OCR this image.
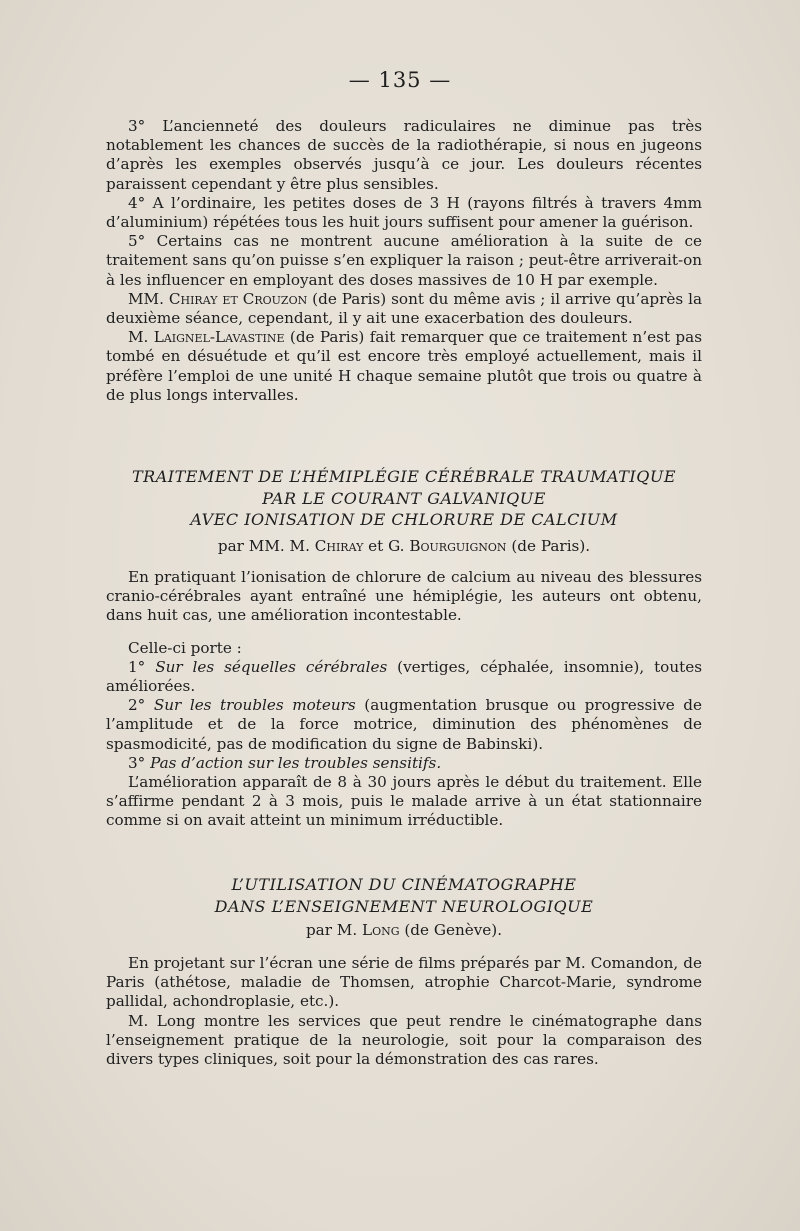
— 135 —

3° L’ancienneté des douleurs radiculaires ne diminue pas très notablement les chances de succès de la radiothérapie, si nous en jugeons d’après les exemples observés jusqu’à ce jour. Les douleurs récentes paraissent cependant y être plus sensibles.

4° A l’ordinaire, les petites doses de 3 H (rayons filtrés à travers 4mm d’aluminium) répétées tous les huit jours suffisent pour amener la guérison.

5° Certains cas ne montrent aucune amélioration à la suite de ce traitement sans qu’on puisse s’en expliquer la raison ; peut-être arriverait-on à les influencer en employant des doses massives de 10 H par exemple.

MM. Chiray et Crouzon (de Paris) sont du même avis ; il arrive qu’après la deuxième séance, cependant, il y ait une exacerbation des douleurs.

M. Laignel-Lavastine (de Paris) fait remarquer que ce traitement n’est pas tombé en désuétude et qu’il est encore très employé actuellement, mais il préfère l’emploi de une unité H chaque semaine plutôt que trois ou quatre à de plus longs intervalles.

TRAITEMENT DE L’HÉMIPLÉGIE CÉRÉBRALE TRAUMATIQUE
PAR LE COURANT GALVANIQUE
AVEC IONISATION DE CHLORURE DE CALCIUM
par MM. M. Chiray et G. Bourguignon (de Paris).

En pratiquant l’ionisation de chlorure de calcium au niveau des blessures cranio-cérébrales ayant entraîné une hémiplégie, les auteurs ont obtenu, dans huit cas, une amélioration incontestable.

Celle-ci porte :

1° Sur les séquelles cérébrales (vertiges, céphalée, insomnie), toutes améliorées.

2° Sur les troubles moteurs (augmentation brusque ou progressive de l’amplitude et de la force motrice, diminution des phénomènes de spasmodicité, pas de modification du signe de Babinski).

3° Pas d’action sur les troubles sensitifs.

L’amélioration apparaît de 8 à 30 jours après le début du traitement. Elle s’affirme pendant 2 à 3 mois, puis le malade arrive à un état stationnaire comme si on avait atteint un minimum irréductible.

L’UTILISATION DU CINÉMATOGRAPHE
DANS L’ENSEIGNEMENT NEUROLOGIQUE
par M. Long (de Genève).

En projetant sur l’écran une série de films préparés par M. Comandon, de Paris (athétose, maladie de Thomsen, atrophie Charcot-Marie, syndrome pallidal, achondroplasie, etc.).

M. Long montre les services que peut rendre le cinématographe dans l’enseignement pratique de la neurologie, soit pour la comparaison des divers types cliniques, soit pour la démonstration des cas rares.
